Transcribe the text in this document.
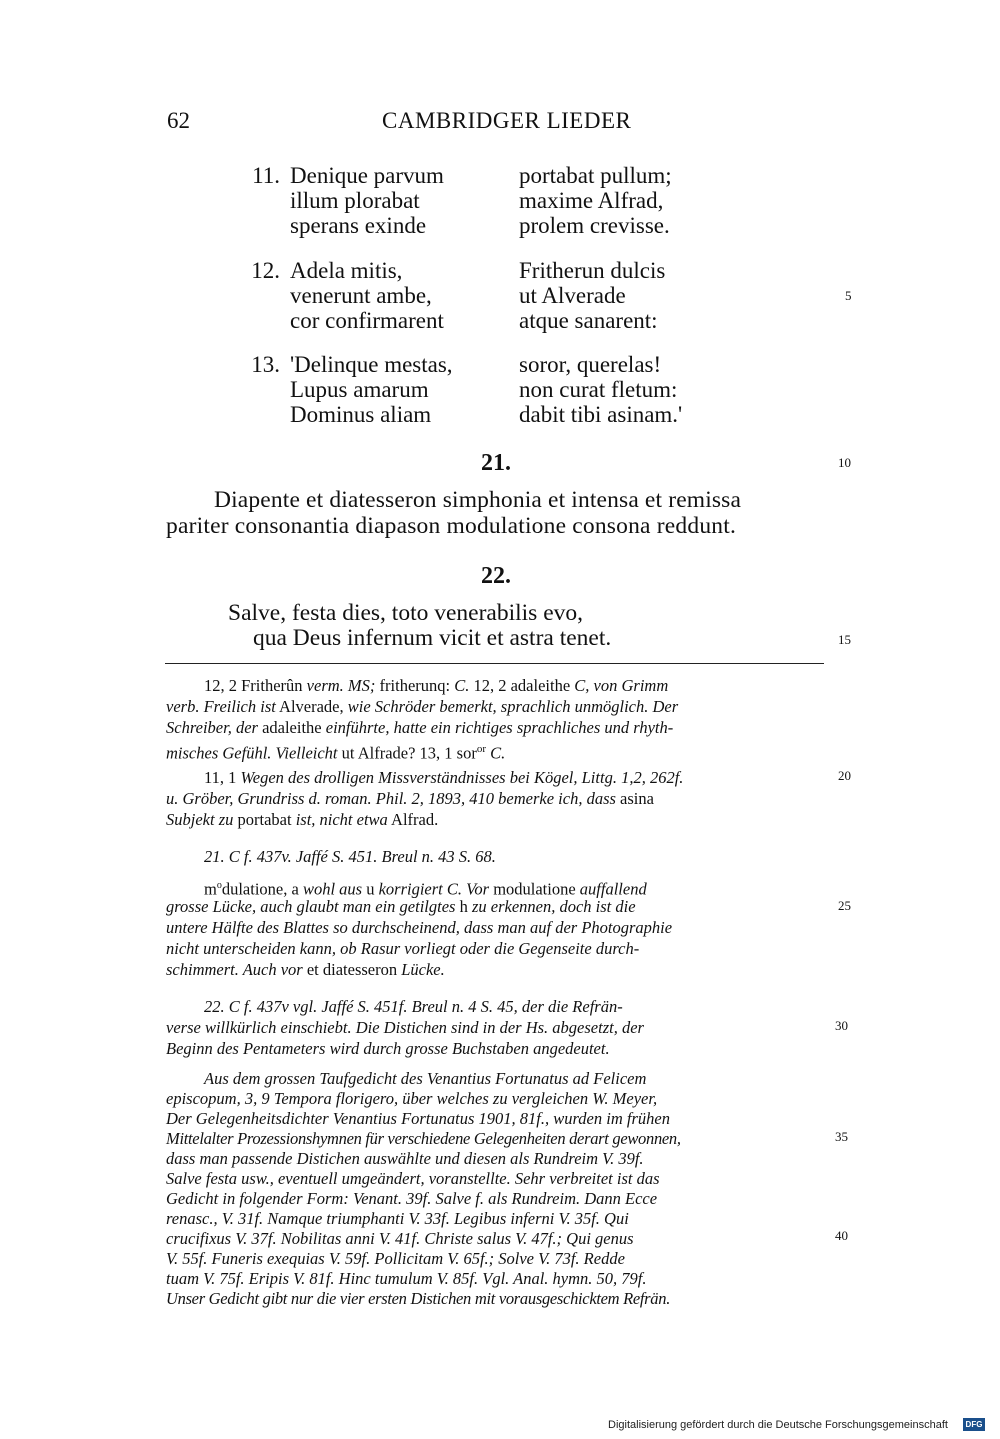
62	CAMBRIDGER LIEDER
11. Denique parvum
illum plorabat
sperans exinde
portabat pullum;
maxime Alfrad,
prolem crevisse.
12. Adela mitis,
venerunt ambe,
cor confirmarent
Fritherun dulcis
ut Alverade
atque sanarent:
13. 'Delinque mestas,
Lupus amarum
Dominus aliam
soror, querelas!
non curat fletum:
dabit tibi asinam.'
21.
Diapente et diatesseron simphonia et intensa et remissa
pariter consonantia diapason modulatione consona reddunt.
22.
Salve, festa dies, toto venerabilis evo,
qua Deus infernum vicit et astra tenet.
12, 2 Fritherûn verm. MS; fritherunq: C. 12, 2 adaleithe C, von Grimm
verb. Freilich ist Alverade, wie Schröder bemerkt, sprachlich unmöglich. Der
Schreiber, der adaleithe einführte, hatte ein richtiges sprachliches und rhyth-
misches Gefühl. Vielleicht ut Alfrade? 13, 1 sor$^{or}$ C.
11, 1 Wegen des drolligen Missverständnisses bei Kögel, Littg. 1,2, 262f.
u. Gröber, Grundriss d. roman. Phil. 2, 1893, 410 bemerke ich, dass asina
Subjekt zu portabat ist, nicht etwa Alfrad.
21. C f. 437v. Jaffé S. 451. Breul n. 43 S. 68.
$m^odulatione$, a wohl aus u korrigiert C. Vor modulatione auffallend
grosse Lücke, auch glaubt man ein getilgtes h zu erkennen, doch ist die
untere Hälfte des Blattes so durchscheinend, dass man auf der Photographie
nicht unterscheiden kann, ob Rasur vorliegt oder die Gegenseite durch-
schimmert. Auch vor et diatesseron Lücke.
22. C f. 437v vgl. Jaffé S. 451f. Breul n. 4 S. 45, der die Refrän-
verse willkürlich einschiebt. Die Distichen sind in der Hs. abgesetzt, der
Beginn des Pentameters wird durch grosse Buchstaben angedeutet.
Aus dem grossen Taufgedicht des Venantius Fortunatus ad Felicem
episcopum, 3, 9 Tempora florigero, über welches zu vergleichen W. Meyer,
Der Gelegenheitsdichter Venantius Fortunatus 1901, 81f., wurden im frühen
Mittelalter Prozessionshymnen für verschiedene Gelegenheiten derart gewonnen,
dass man passende Distichen auswählte und diesen als Rundreim V. 39f.
Salve festa usw., eventuell umgeändert, voranstellte. Sehr verbreitet ist das
Gedicht in folgender Form: Venant. 39f. Salve f. als Rundreim. Dann Ecce
renasc., V. 31f. Namque triumphanti V. 33f. Legibus inferni V. 35f. Qui
crucifixus V. 37f. Nobilitas anni V. 41f. Christe salus V. 47f.; Qui genus
V. 55f. Funeris exequias V. 59f. Pollicitam V. 65f.; Solve V. 73f. Redde
tuam V. 75f. Eripis V. 81f. Hinc tumulum V. 85f. Vgl. Anal. hymn. 50, 79f.
Unser Gedicht gibt nur die vier ersten Distichen mit vorausgeschicktem Refrän.
5
10
15
20
25
30
35
40
Digitalisierung gefördert durch die Deutsche Forschungsgemeinschaft	DFG
